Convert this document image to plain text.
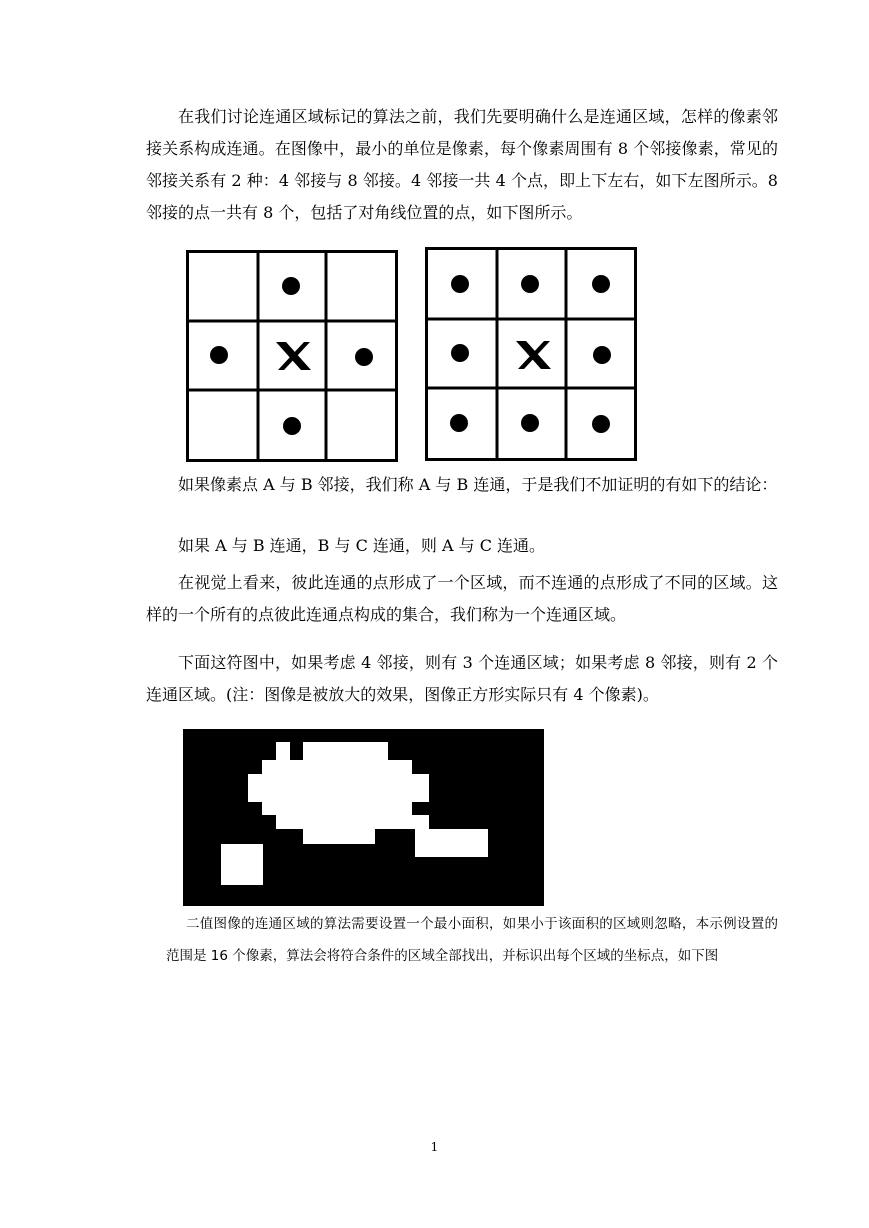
在我们讨论连通区域标记的算法之前，我们先要明确什么是连通区域，怎样的像素邻接关系构成连通。在图像中，最小的单位是像素，每个像素周围有 8 个邻接像素，常见的邻接关系有 2 种：4 邻接与 8 邻接。4 邻接一共 4 个点，即上下左右，如下左图所示。8 邻接的点一共有 8 个，包括了对角线位置的点，如下图所示。
如果像素点 A 与 B 邻接，我们称 A 与 B 连通，于是我们不加证明的有如下的结论：
如果 A 与 B 连通，B 与 C 连通，则 A 与 C 连通。
在视觉上看来，彼此连通的点形成了一个区域，而不连通的点形成了不同的区域。这样的一个所有的点彼此连通点构成的集合，我们称为一个连通区域。
下面这符图中，如果考虑 4 邻接，则有 3 个连通区域；如果考虑 8 邻接，则有 2 个连通区域。(注：图像是被放大的效果，图像正方形实际只有 4 个像素)。
二值图像的连通区域的算法需要设置一个最小面积，如果小于该面积的区域则忽略，本示例设置的范围是 16 个像素，算法会将符合条件的区域全部找出，并标识出每个区域的坐标点，如下图
1
